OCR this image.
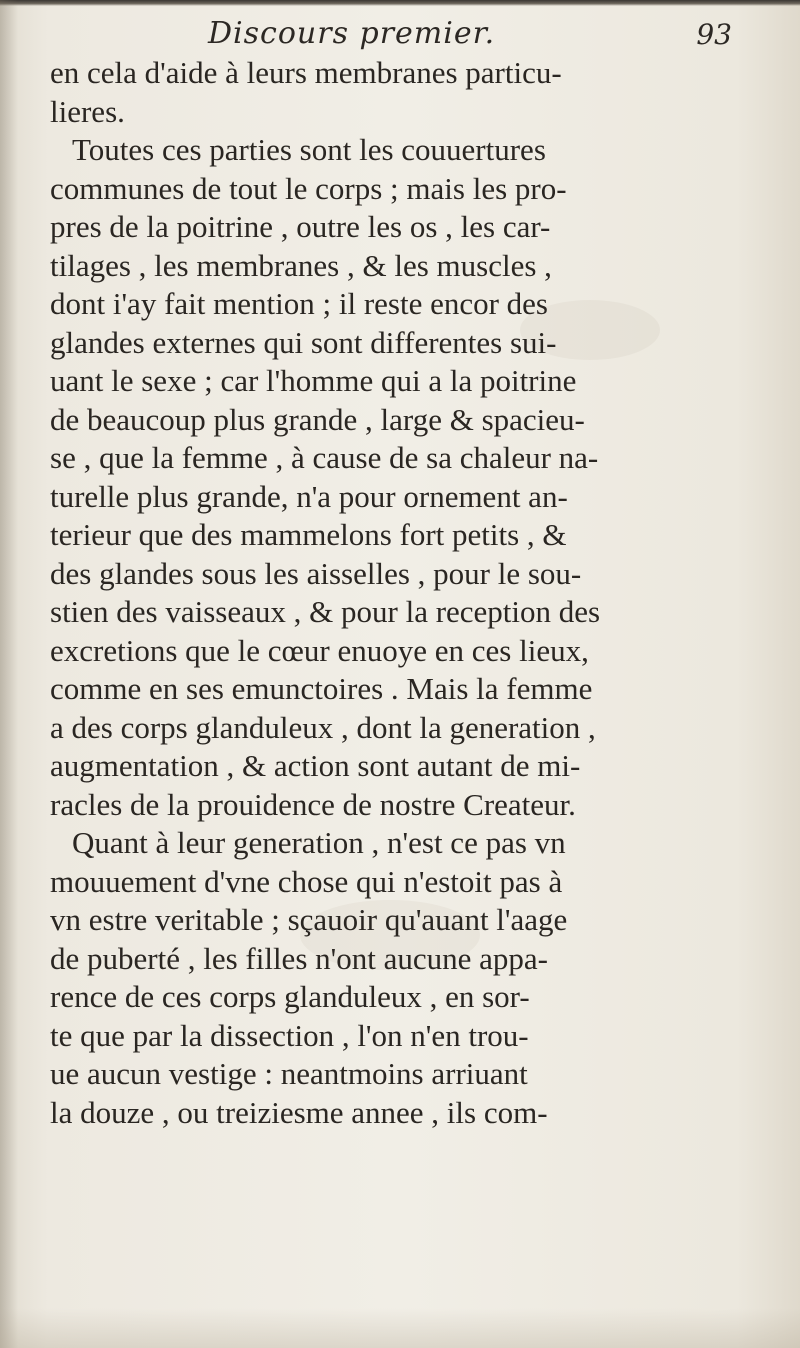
Discours premier.	93
en cela d'aide à leurs membranes particu-
lieres.
Toutes ces parties sont les couuertures
communes de tout le corps ; mais les pro-
pres de la poitrine , outre les os , les car-
tilages , les membranes , & les muscles ,
dont i'ay fait mention ; il reste encor des
glandes externes qui sont differentes sui-
uant le sexe ; car l'homme qui a la poitrine
de beaucoup plus grande , large & spacieu-
se , que la femme , à cause de sa chaleur na-
turelle plus grande, n'a pour ornement an-
terieur que des mammelons fort petits , &
des glandes sous les aisselles , pour le sou-
stien des vaisseaux , & pour la reception des
excretions que le cœur enuoye en ces lieux,
comme en ses emunctoires . Mais la femme
a des corps glanduleux , dont la generation ,
augmentation , & action sont autant de mi-
racles de la prouidence de nostre Createur.
Quant à leur generation , n'est ce pas vn
mouuement d'vne chose qui n'estoit pas à
vn estre veritable ; sçauoir qu'auant l'aage
de puberté , les filles n'ont aucune appa-
rence de ces corps glanduleux , en sor-
te que par la dissection , l'on n'en trou-
ue aucun vestige : neantmoins arriuant
la douze , ou treiziesme annee , ils com-
